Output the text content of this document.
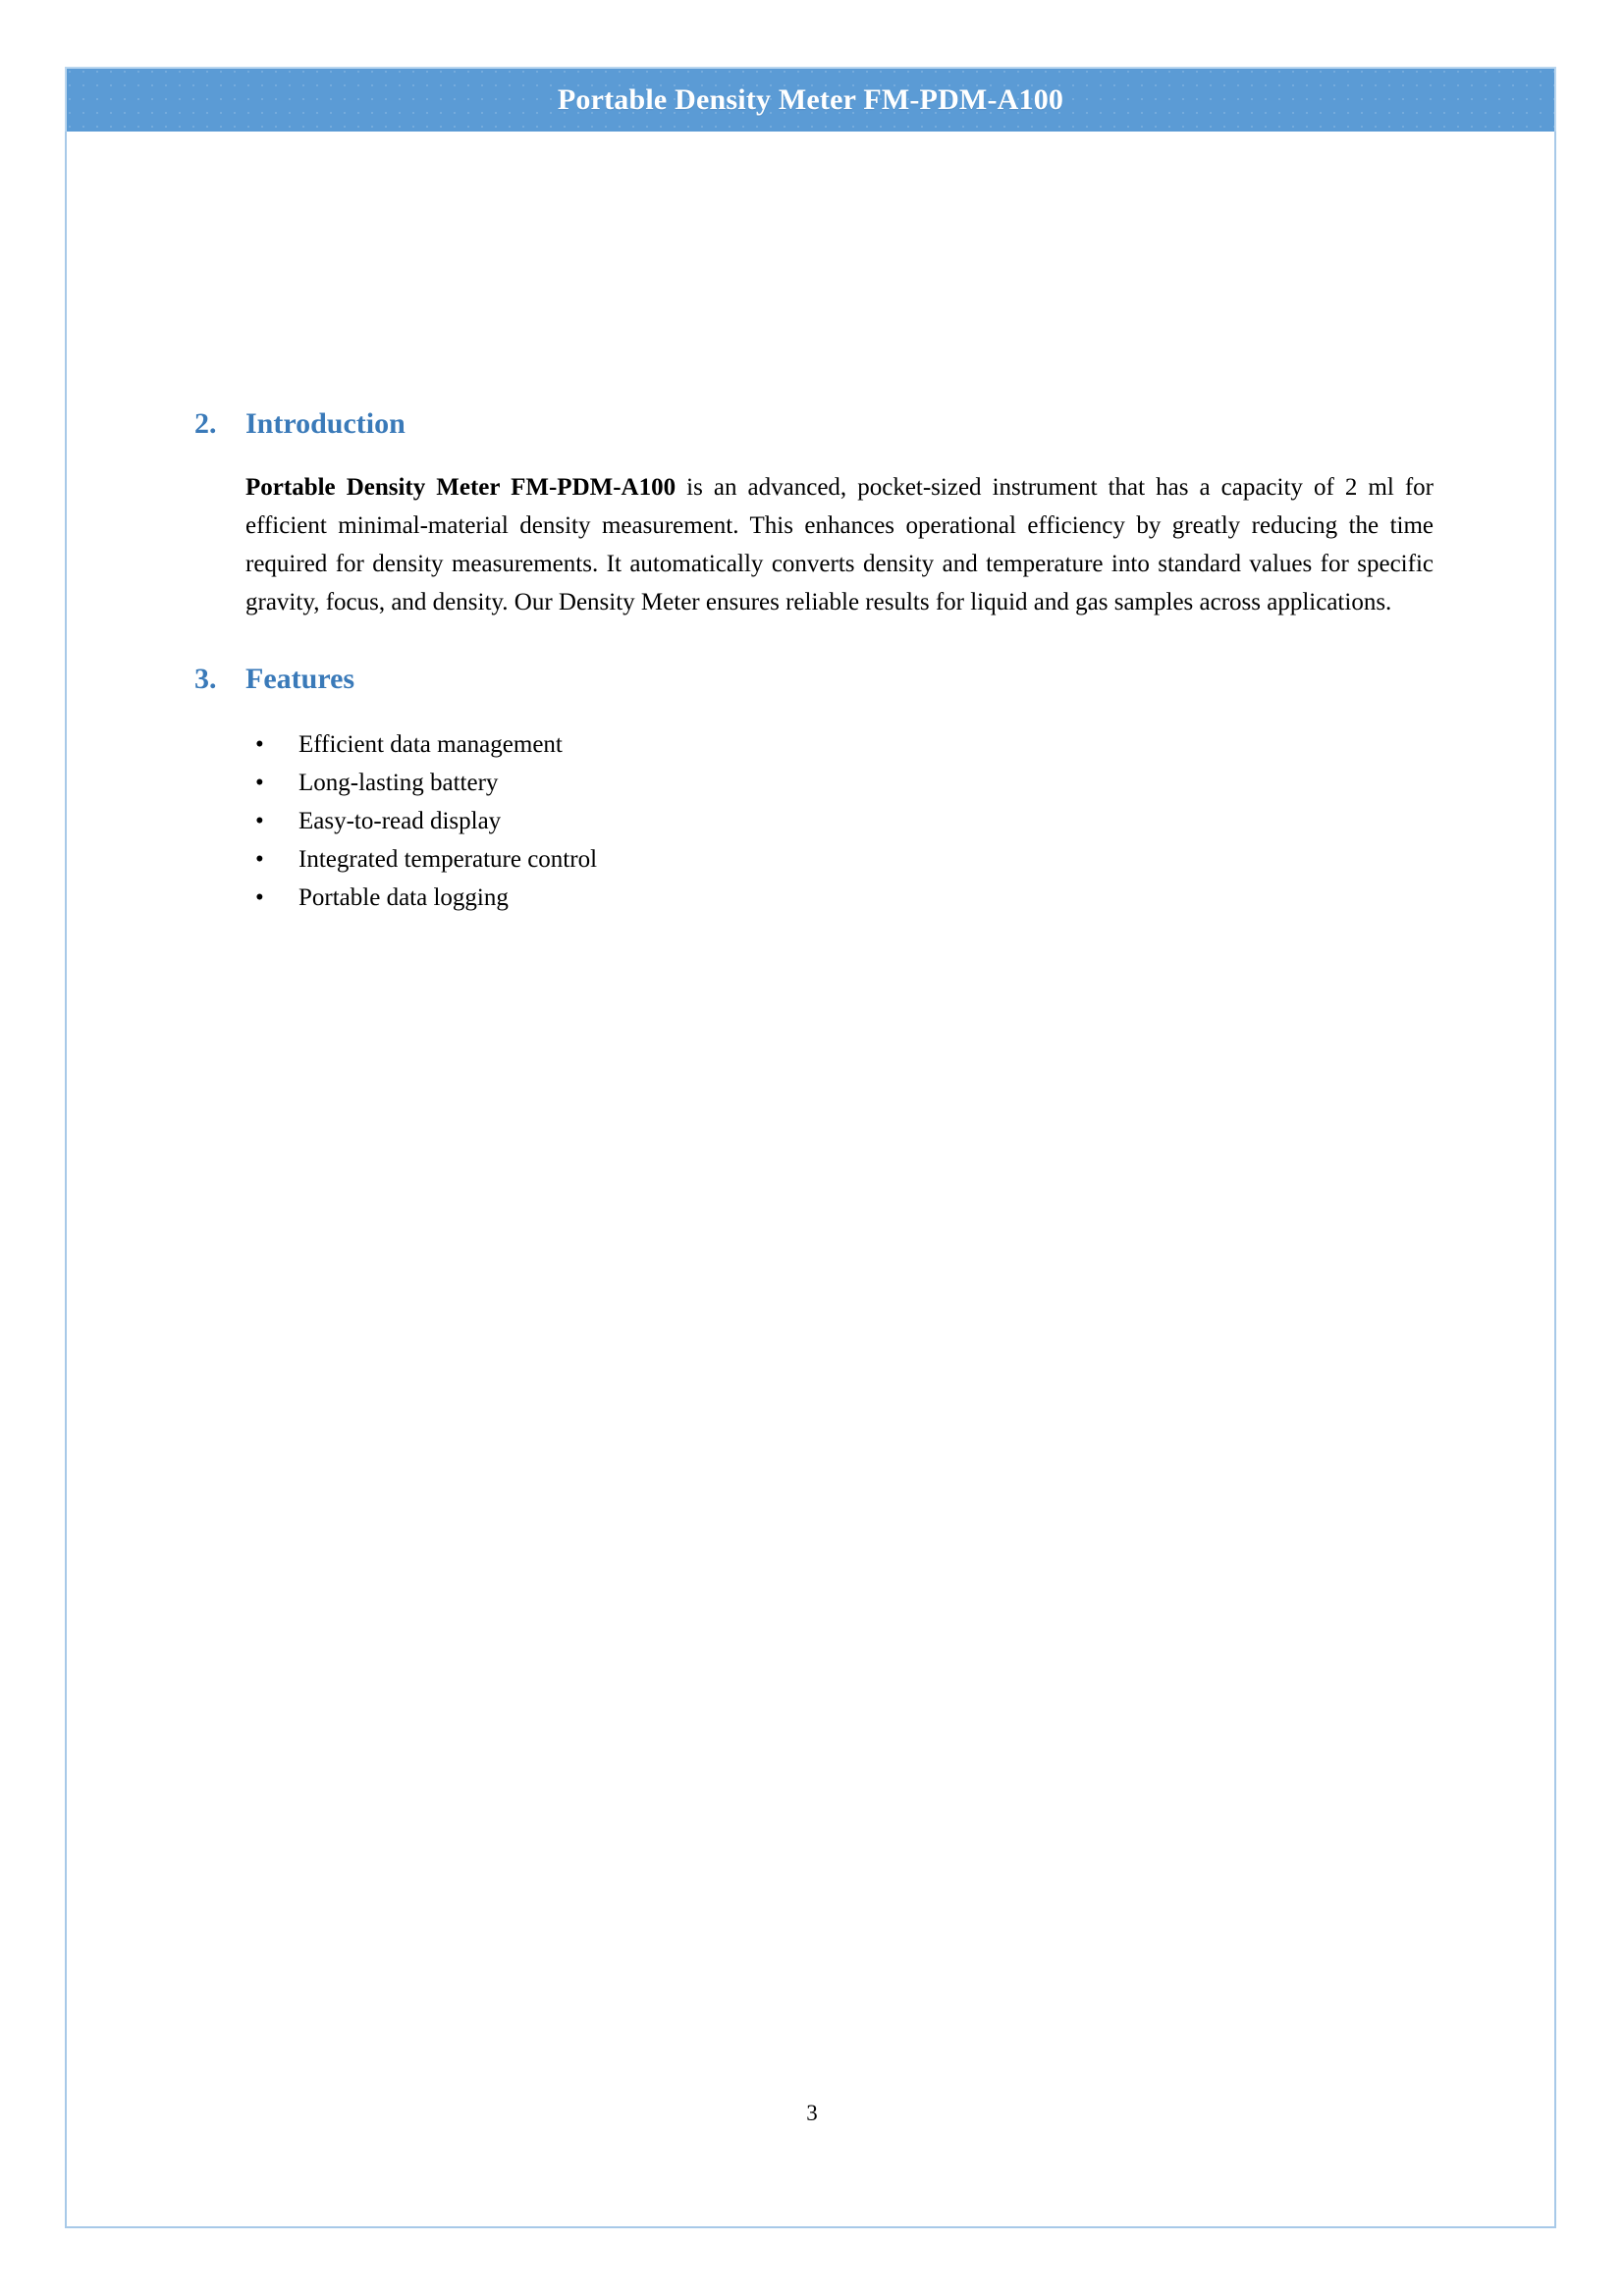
Portable Density Meter FM-PDM-A100
2. Introduction

Portable Density Meter FM-PDM-A100 is an advanced, pocket-sized instrument that has a capacity of 2 ml for efficient minimal-material density measurement. This enhances operational efficiency by greatly reducing the time required for density measurements. It automatically converts density and temperature into standard values for specific gravity, focus, and density. Our Density Meter ensures reliable results for liquid and gas samples across applications.

3. Features
•	Efficient data management
•	Long-lasting battery
•	Easy-to-read display
•	Integrated temperature control
•	Portable data logging
3
